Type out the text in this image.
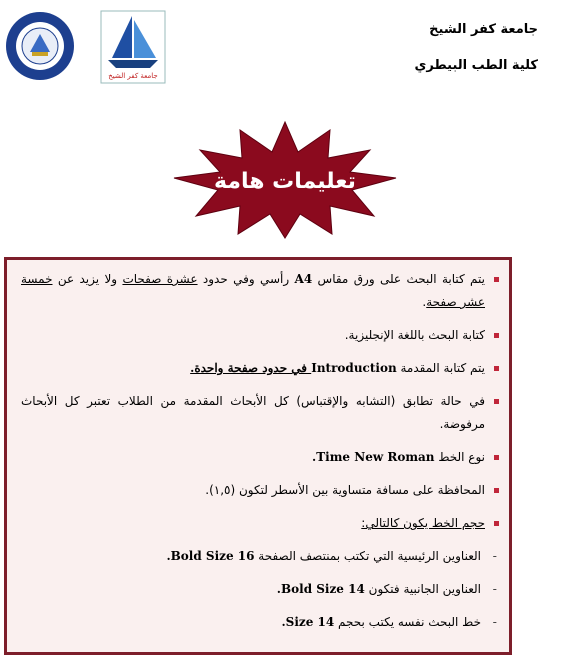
جامعة كفر الشيخ
جامعة كفر الشيخ
كلية الطب البيطري
تعليمات هامة
يتم كتابة البحث على ورق مقاس A4 رأسي وفي حدود عشرة صفحات ولا يزيد عن خمسة عشر صفحة.
كتابة البحث باللغة الإنجليزية.
يتم كتابة المقدمة Introduction في حدود صفحة واحدة.
في حالة تطابق (التشابه والإقتباس) كل الأبحاث المقدمة من الطلاب تعتبر كل الأبحاث مرفوضة.
نوع الخط Time New Roman.
المحافظة على مسافة متساوية بين الأسطر لتكون (١,٥).
حجم الخط يكون كالتالي:
-
العناوين الرئيسية التي تكتب بمنتصف الصفحة Bold Size 16.
-
العناوين الجانبية فتكون Bold Size 14.
-
خط البحث نفسه يكتب بحجم Size 14.
